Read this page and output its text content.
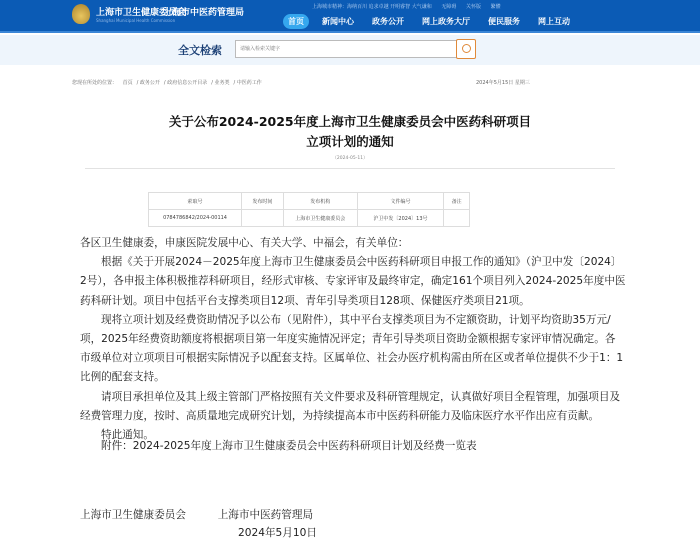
上海市卫生健康委员会
上海市中医药管理局
Shanghai Municipal Health Commission
上海城市精神：海纳百川 追求卓越 开明睿智 大气谦和 无障碍 关怀版 繁體
首页	新闻中心	政务公开	网上政务大厅	便民服务	网上互动
全文检索
请输入检索关键字
您现在所处的位置： 首页 / 政务公开 / 政府信息公开目录 / 业务类 / 中医药工作	2024年5月15日 星期三
关于公布2024-2025年度上海市卫生健康委员会中医药科研项目
立项计划的通知
（2024-05-11）
索取号	发布时间	发布机构	文件编号	备注
0784786842/2024-00114		上海市卫生健康委员会	沪卫中发〔2024〕13号	

各区卫生健康委，申康医院发展中心、有关大学、中福会，有关单位：

根据《关于开展2024－2025年度上海市卫生健康委员会中医药科研项目申报工作的通知》（沪卫中发〔2024〕2号），各申报主体积极推荐科研项目，经形式审核、专家评审及最终审定，确定161个项目列入2024-2025年度中医药科研计划。项目中包括平台支撑类项目12项、青年引导类项目128项、保健医疗类项目21项。

现将立项计划及经费资助情况予以公布（见附件），其中平台支撑类项目为不定额资助，计划平均资助35万元/项，2025年经费资助额度将根据项目第一年度实施情况评定；青年引导类项目资助金额根据专家评审情况确定。各市级单位对立项项目可根据实际情况予以配套支持。区属单位、社会办医疗机构需由所在区或者单位提供不少于1：1比例的配套支持。

请项目承担单位及其上级主管部门严格按照有关文件要求及科研管理规定，认真做好项目全程管理，加强项目及经费管理力度，按时、高质量地完成研究计划，为持续提高本市中医药科研能力及临床医疗水平作出应有贡献。

特此通知。

附件：2024-2025年度上海市卫生健康委员会中医药科研项目计划及经费一览表
上海市卫生健康委员会　　　上海市中医药管理局
2024年5月10日
